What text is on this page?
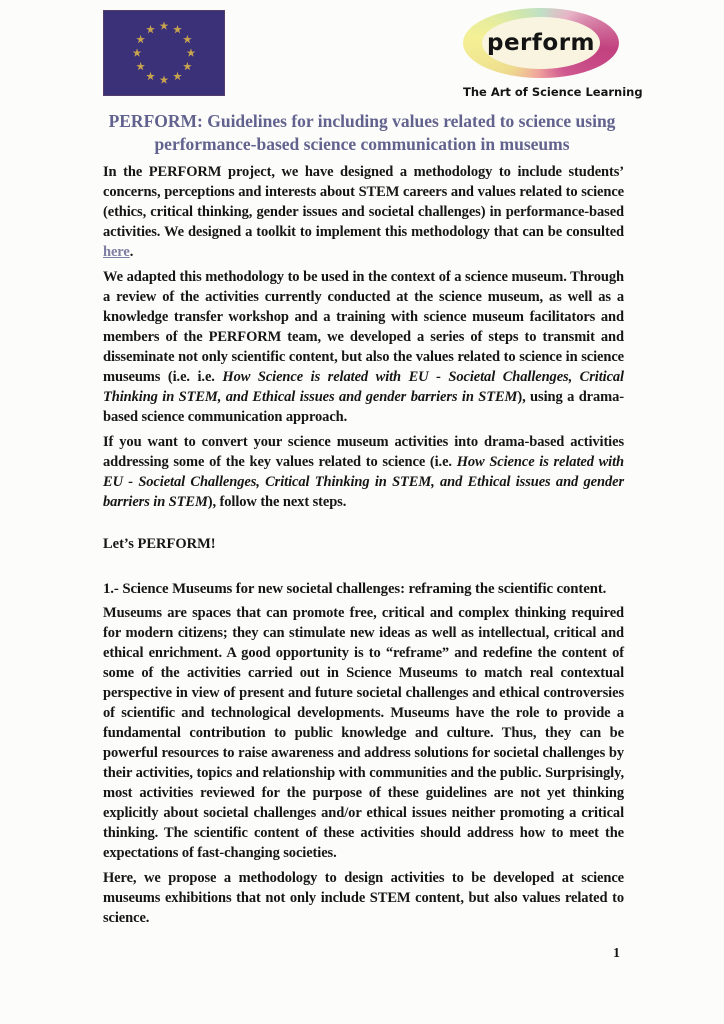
perform
The Art of Science Learning
PERFORM: Guidelines for including values related to science using performance-based science communication in museums

In the PERFORM project, we have designed a methodology to include students’ concerns, perceptions and interests about STEM careers and values related to science (ethics, critical thinking, gender issues and societal challenges) in performance-based activities. We designed a toolkit to implement this methodology that can be consulted here.

We adapted this methodology to be used in the context of a science museum. Through a review of the activities currently conducted at the science museum, as well as a knowledge transfer workshop and a training with science museum facilitators and members of the PERFORM team, we developed a series of steps to transmit and disseminate not only scientific content, but also the values related to science in science museums (i.e. i.e. How Science is related with EU - Societal Challenges, Critical Thinking in STEM, and Ethical issues and gender barriers in STEM), using a drama-based science communication approach.

If you want to convert your science museum activities into drama-based activities addressing some of the key values related to science (i.e. How Science is related with EU - Societal Challenges, Critical Thinking in STEM, and Ethical issues and gender barriers in STEM), follow the next steps.

Let’s PERFORM!

1.- Science Museums for new societal challenges: reframing the scientific content.

Museums are spaces that can promote free, critical and complex thinking required for modern citizens; they can stimulate new ideas as well as intellectual, critical and ethical enrichment. A good opportunity is to “reframe” and redefine the content of some of the activities carried out in Science Museums to match real contextual perspective in view of present and future societal challenges and ethical controversies of scientific and technological developments. Museums have the role to provide a fundamental contribution to public knowledge and culture. Thus, they can be powerful resources to raise awareness and address solutions for societal challenges by their activities, topics and relationship with communities and the public. Surprisingly, most activities reviewed for the purpose of these guidelines are not yet thinking explicitly about societal challenges and/or ethical issues neither promoting a critical thinking. The scientific content of these activities should address how to meet the expectations of fast-changing societies.

Here, we propose a methodology to design activities to be developed at science museums exhibitions that not only include STEM content, but also values related to science.

1
